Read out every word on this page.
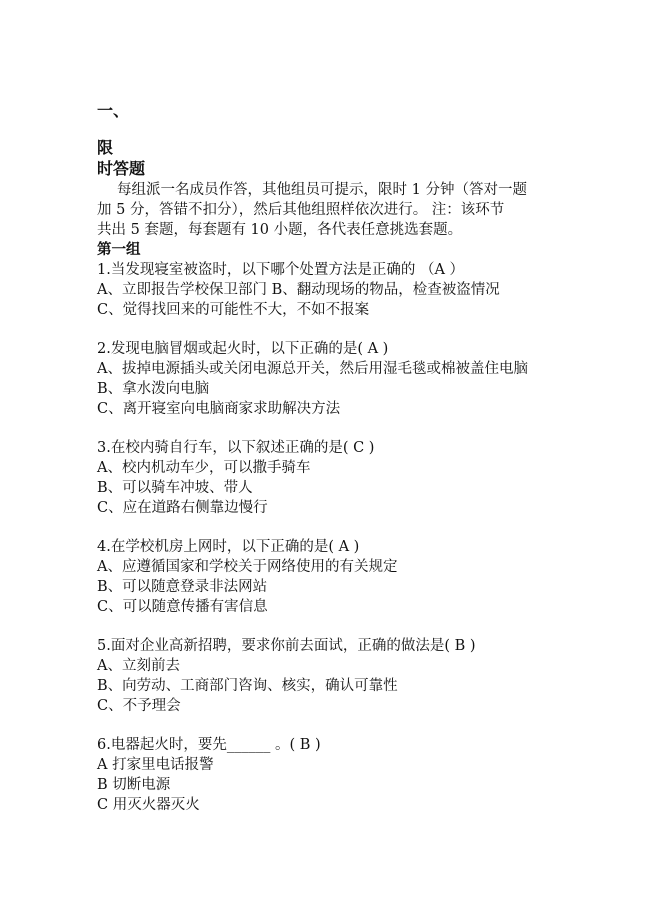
一、
限
时答题
每组派一名成员作答，其他组员可提示，限时 1 分钟（答对一题
加 5 分，答错不扣分），然后其他组照样依次进行。 注：该环节
共出 5 套题，每套题有 10 小题，各代表任意挑选套题。
第一组
1.当发现寝室被盗时，以下哪个处置方法是正确的 （A ）
A、立即报告学校保卫部门 B、翻动现场的物品，检查被盗情况
C、觉得找回来的可能性不大，不如不报案
2.发现电脑冒烟或起火时，以下正确的是( A )
A、拔掉电源插头或关闭电源总开关，然后用湿毛毯或棉被盖住电脑
B、拿水泼向电脑
C、离开寝室向电脑商家求助解决方法
3.在校内骑自行车，以下叙述正确的是( C )
A、校内机动车少，可以撒手骑车
B、可以骑车冲坡、带人
C、应在道路右侧靠边慢行
4.在学校机房上网时，以下正确的是( A )
A、应遵循国家和学校关于网络使用的有关规定
B、可以随意登录非法网站
C、可以随意传播有害信息
5.面对企业高新招聘，要求你前去面试，正确的做法是( B )
A、立刻前去
B、向劳动、工商部门咨询、核实，确认可靠性
C、不予理会
6.电器起火时，要先______ 。( B )
A 打家里电话报警
B 切断电源
C 用灭火器灭火
